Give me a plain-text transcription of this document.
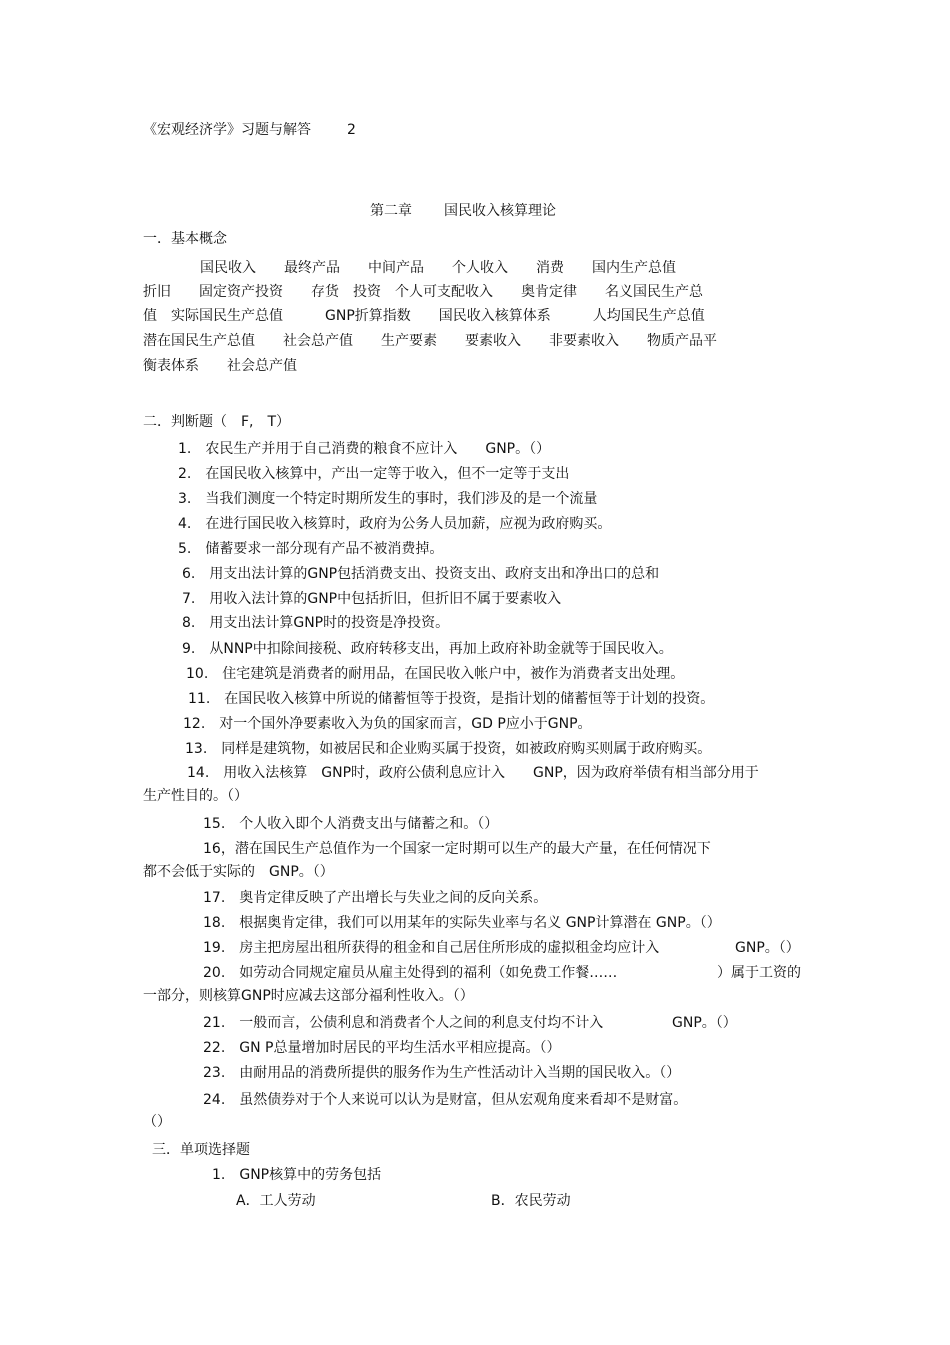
《宏观经济学》习题与解答	2
第二章 国民收入核算理论
一．基本概念
国民收入　　最终产品　　中间产品　　个人收入　　消费　　国内生产总值
折旧　　固定资产投资　　存货　投资　个人可支配收入　　奥肯定律　　名义国民生产总
值　实际国民生产总值　　　GNP折算指数　　国民收入核算体系　　　人均国民生产总值
潜在国民生产总值　　社会总产值　　生产要素　　要素收入　　非要素收入　　物质产品平
衡表体系　　社会总产值
二．判断题（　F,　T）
1.　农民生产并用于自己消费的粮食不应计入　　GNP。（）
2.　在国民收入核算中，产出一定等于收入，但不一定等于支出
3.　当我们测度一个特定时期所发生的事时，我们涉及的是一个流量
4.　在进行国民收入核算时，政府为公务人员加薪，应视为政府购买。
5.　储蓄要求一部分现有产品不被消费掉。
6.　用支出法计算的GNP包括消费支出、投资支出、政府支出和净出口的总和
7.　用收入法计算的GNP中包括折旧，但折旧不属于要素收入
8.　用支出法计算GNP时的投资是净投资。
9.　从NNP中扣除间接税、政府转移支出，再加上政府补助金就等于国民收入。
10.　住宅建筑是消费者的耐用品，在国民收入帐户中，被作为消费者支出处理。
11.　在国民收入核算中所说的储蓄恒等于投资，是指计划的储蓄恒等于计划的投资。
12.　对一个国外净要素收入为负的国家而言，GD P应小于GNP。
13.　同样是建筑物，如被居民和企业购买属于投资，如被政府购买则属于政府购买。
14.　用收入法核算　GNP时，政府公债利息应计入　　GNP，因为政府举债有相当部分用于
生产性目的。（）
15.　个人收入即个人消费支出与储蓄之和。（）
16，潜在国民生产总值作为一个国家一定时期可以生产的最大产量，在任何情况下
都不会低于实际的　GNP。（）
17.　奥肯定律反映了产出增长与失业之间的反向关系。
18.　根据奥肯定律，我们可以用某年的实际失业率与名义 GNP计算潜在 GNP。（）
19.　房主把房屋出租所获得的租金和自己居住所形成的虚拟租金均应计入	GNP。（）
20.　如劳动合同规定雇员从雇主处得到的福利（如免费工作餐……	）属于工资的
一部分，则核算GNP时应减去这部分福利性收入。（）
21.　一般而言，公债利息和消费者个人之间的利息支付均不计入	GNP。（）
22.　GN P总量增加时居民的平均生活水平相应提高。（）
23.　由耐用品的消费所提供的服务作为生产性活动计入当期的国民收入。（）
24.　虽然债券对于个人来说可以认为是财富，但从宏观角度来看却不是财富。
（）
三．单项选择题
1.　GNP核算中的劳务包括
A．工人劳动	B．农民劳动
